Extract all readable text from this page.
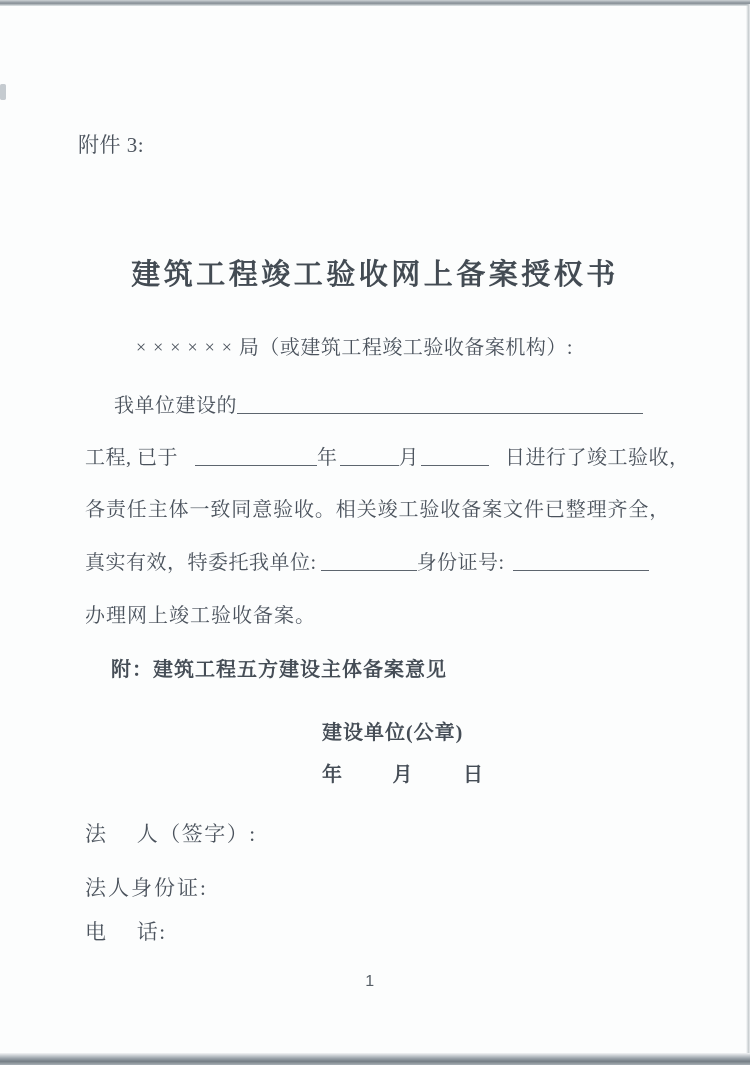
附件 3:
建筑工程竣工验收网上备案授权书
×××××× 局（或建筑工程竣工验收备案机构）:
我单位建设的
工程, 已于	年	月	日进行了竣工验收，
各责任主体一致同意验收。相关竣工验收备案文件已整理齐全，
真实有效，特委托我单位:	身份证号:
办理网上竣工验收备案。
附：建筑工程五方建设主体备案意见
建设单位(公章)
年	月	日
法　 人（签字）:
法人身份证:
电　 话:
1
